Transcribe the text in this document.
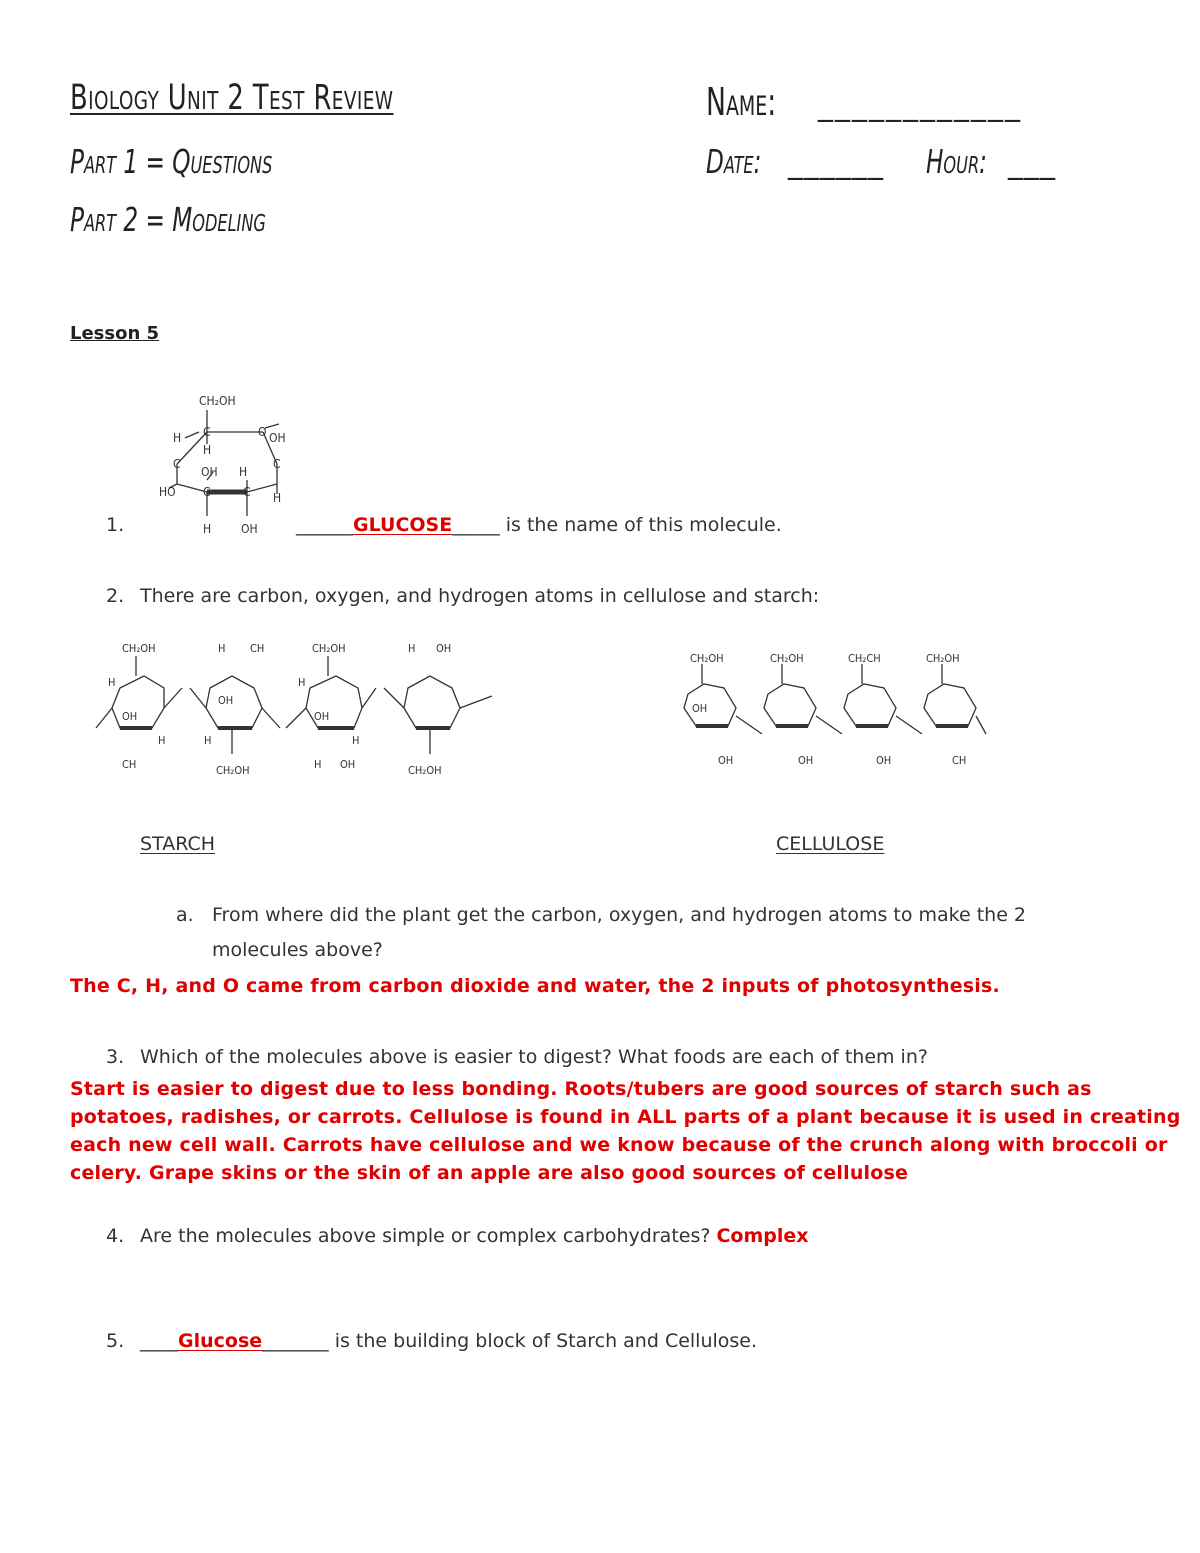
Biology Unit 2 Test Review
Part 1 = Questions
Part 2 = Modeling
Name: ____________
Date: ______ Hour: ___
Lesson 5
CH₂OH
H C	O OH
H
OH H
C	C
HO C	C H
H OH
1.	______GLUCOSE_____ is the name of this molecule.
2. There are carbon, oxygen, and hydrogen atoms in cellulose and starch:
CH₂OH	H CH	CH₂OH	H OH
H
OH
CH
H	H
OH
H
OH
H
CH₂OH	H OH	CH₂OH
CH₂OH	CH₂OH	CH₂CH	CH₂OH
OH	OH	OH
OH
CH
STARCH	CELLULOSE
a. From where did the plant get the carbon, oxygen, and hydrogen atoms to make the 2
molecules above?
The C, H, and O came from carbon dioxide and water, the 2 inputs of photosynthesis.
3. Which of the molecules above is easier to digest? What foods are each of them in?
Start is easier to digest due to less bonding. Roots/tubers are good sources of starch such as
potatoes, radishes, or carrots. Cellulose is found in ALL parts of a plant because it is used in creating
each new cell wall. Carrots have cellulose and we know because of the crunch along with broccoli or
celery. Grape skins or the skin of an apple are also good sources of cellulose
4. Are the molecules above simple or complex carbohydrates? Complex
5. ____Glucose_______ is the building block of Starch and Cellulose.
